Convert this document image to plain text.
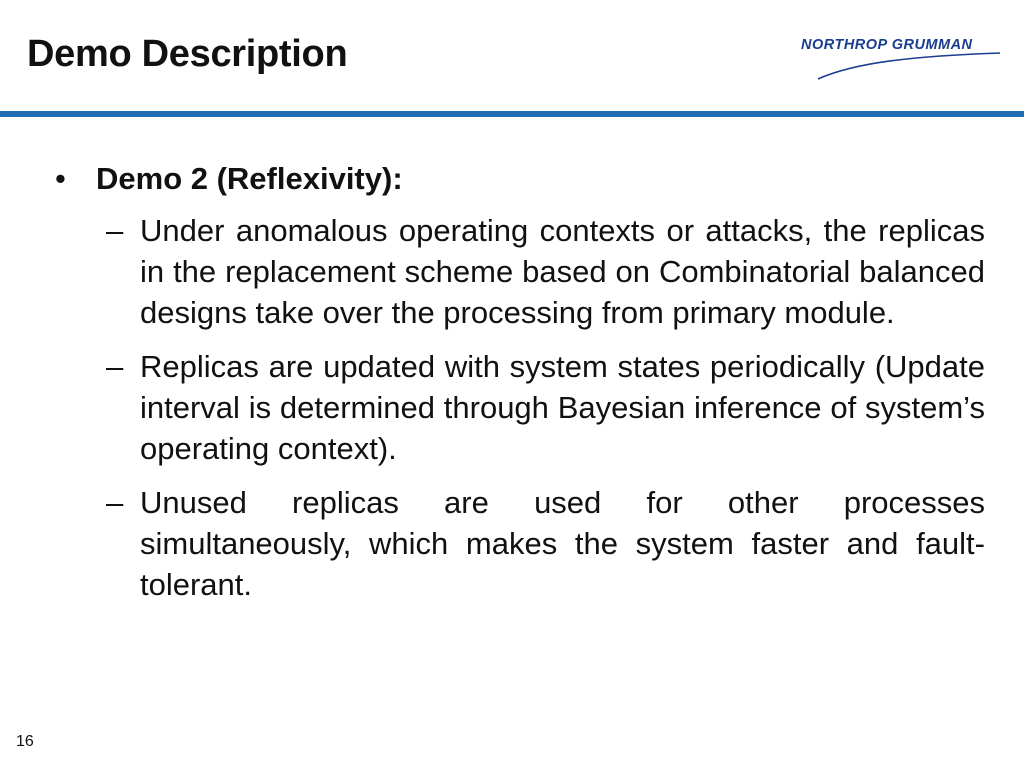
Demo Description	NORTHROP GRUMMAN
• Demo 2 (Reflexivity):
– Under anomalous operating contexts or attacks, the replicas in the replacement scheme based on Combinatorial balanced designs take over the processing from primary module.
– Replicas are updated with system states periodically (Update interval is determined through Bayesian inference of system’s operating context).
– Unused replicas are used for other processes simultaneously, which makes the system faster and fault-tolerant.
16
